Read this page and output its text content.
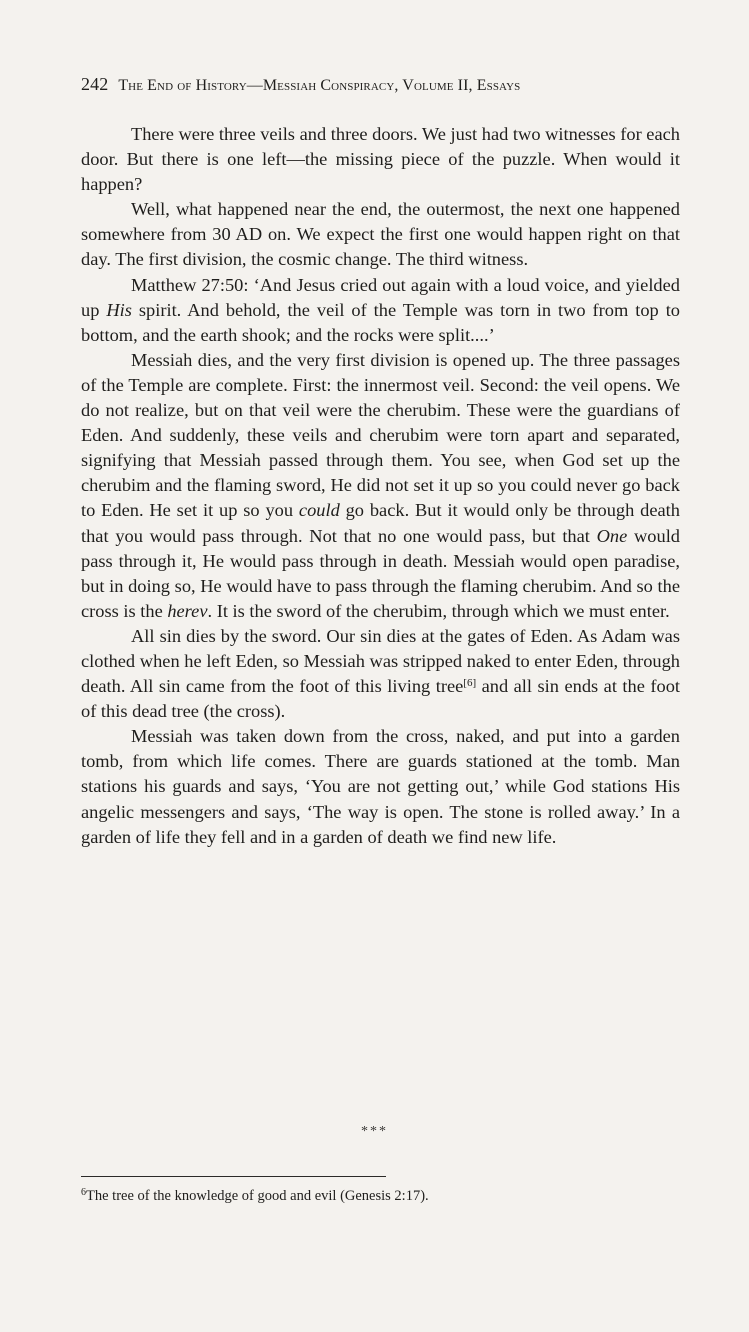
242 The End of History—Messiah Conspiracy, Volume II, Essays

There were three veils and three doors. We just had two witnesses for each door. But there is one left—the missing piece of the puzzle. When would it happen?

Well, what happened near the end, the outermost, the next one happened somewhere from 30 AD on. We expect the first one would happen right on that day. The first division, the cosmic change. The third witness.

Matthew 27:50: ‘And Jesus cried out again with a loud voice, and yielded up His spirit. And behold, the veil of the Temple was torn in two from top to bottom, and the earth shook; and the rocks were split....’

Messiah dies, and the very first division is opened up. The three passages of the Temple are complete. First: the innermost veil. Second: the veil opens. We do not realize, but on that veil were the cherubim. These were the guardians of Eden. And suddenly, these veils and cherubim were torn apart and separated, signifying that Messiah passed through them. You see, when God set up the cherubim and the flaming sword, He did not set it up so you could never go back to Eden. He set it up so you could go back. But it would only be through death that you would pass through. Not that no one would pass, but that One would pass through it, He would pass through in death. Messiah would open paradise, but in doing so, He would have to pass through the flaming cherubim. And so the cross is the herev. It is the sword of the cherubim, through which we must enter.

All sin dies by the sword. Our sin dies at the gates of Eden. As Adam was clothed when he left Eden, so Messiah was stripped naked to enter Eden, through death. All sin came from the foot of this living tree[6] and all sin ends at the foot of this dead tree (the cross).

Messiah was taken down from the cross, naked, and put into a garden tomb, from which life comes. There are guards stationed at the tomb. Man stations his guards and says, ‘You are not getting out,’ while God stations His angelic messengers and says, ‘The way is open. The stone is rolled away.’ In a garden of life they fell and in a garden of death we find new life.

***
$^6$The tree of the knowledge of good and evil (Genesis 2:17).
